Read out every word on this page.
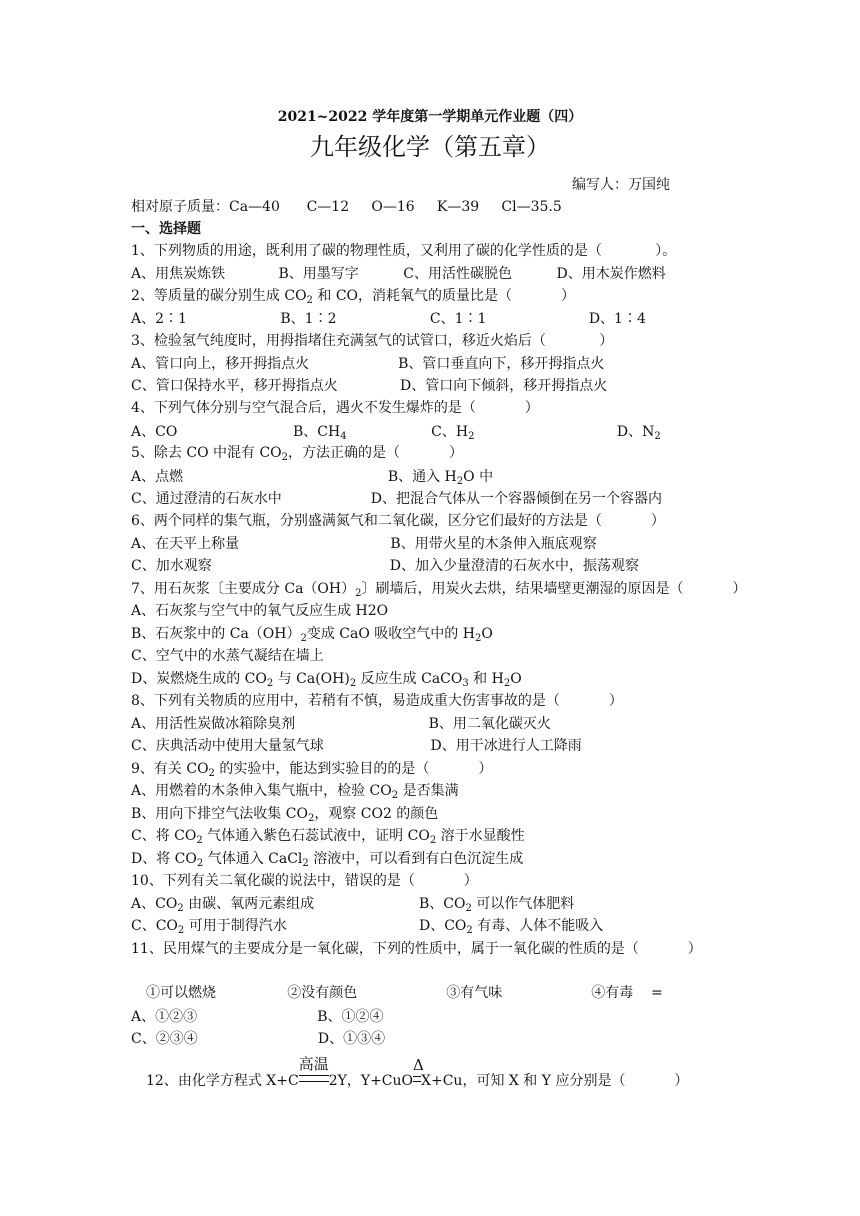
2021~2022 学年度第一学期单元作业题（四）
九年级化学（第五章）
编写人：万国纯
相对原子质量：Ca—40      C—12     O—16     K—39     Cl—35.5
一、选择题
1、下列物质的用途，既利用了碳的物理性质，又利用了碳的化学性质的是（            ）。
A、用焦炭炼铁            B、用墨写字          C、用活性碳脱色          D、用木炭作燃料
2、等质量的碳分别生成 $CO_2$ 和 CO，消耗氧气的质量比是（           ）
A、2∶1                     B、1∶2                     C、1∶1                       D、1∶4
3、检验氢气纯度时，用拇指堵住充满氢气的试管口，移近火焰后（            ）
A、管口向上，移开拇指点火                    B、管口垂直向下，移开拇指点火
C、管口保持水平，移开拇指点火              D、管口向下倾斜，移开拇指点火
4、下列气体分别与空气混合后，遇火不发生爆炸的是（           ）
A、CO                          B、$CH_4$                   C、$H_2$                                D、$N_2$
5、除去 CO 中混有 $CO_2$，方法正确的是（           ）
A、点燃                                              B、通入 $H_2O$ 中
C、通过澄清的石灰水中                    D、把混合气体从一个容器倾倒在另一个容器内
6、两个同样的集气瓶，分别盛满氮气和二氧化碳，区分它们最好的方法是（           ）
A、在天平上称量                                  B、用带火星的木条伸入瓶底观察
C、加水观察                                        D、加入少量澄清的石灰水中，振荡观察
7、用石灰浆〔主要成分 $Ca(OH)_2$〕刷墙后，用炭火去烘，结果墙壁更潮湿的原因是（           ）
A、石灰浆与空气中的氧气反应生成 H2O
B、石灰浆中的 $Ca(OH)_2$变成 CaO 吸收空气中的 $H_2O$
C、空气中的水蒸气凝结在墙上
D、炭燃烧生成的 $CO_2$ 与 $Ca(OH)_2$ 反应生成 CaCO$_3$ 和 $H_2O$
8、下列有关物质的应用中，若稍有不慎，易造成重大伤害事故的是（           ）
A、用活性炭做冰箱除臭剂                              B、用二氧化碳灭火
C、庆典活动中使用大量氢气球                        D、用干冰进行人工降雨
9、有关 $CO_2$ 的实验中，能达到实验目的的是（           ）
A、用燃着的木条伸入集气瓶中，检验 $CO_2$ 是否集满
B、用向下排空气法收集 $CO_2$，观察 CO2 的颜色
C、将 $CO_2$ 气体通入紫色石蕊试液中，证明 $CO_2$ 溶于水显酸性
D、将 $CO_2$ 气体通入 CaCl$_2$ 溶液中，可以看到有白色沉淀生成
10、下列有关二氧化碳的说法中，错误的是（           ）
A、$CO_2$ 由碳、氧两元素组成	B、$CO_2$ 可以作气体肥料
C、$CO_2$ 可用于制得汽水	D、$CO_2$ 有毒、人体不能吸入
11、民用煤气的主要成分是一氧化碳，下列的性质中，属于一氧化碳的性质的是（           ）
①可以燃烧                ②没有颜色                    ③有气味                    ④有毒    =
A、①②③                           B、①②④
C、②③④                           D、①③④
12、由化学方程式 X+C
高温
2Y，Y+CuO
Δ
X+Cu，可知 X 和 Y 应分别是（           ）
